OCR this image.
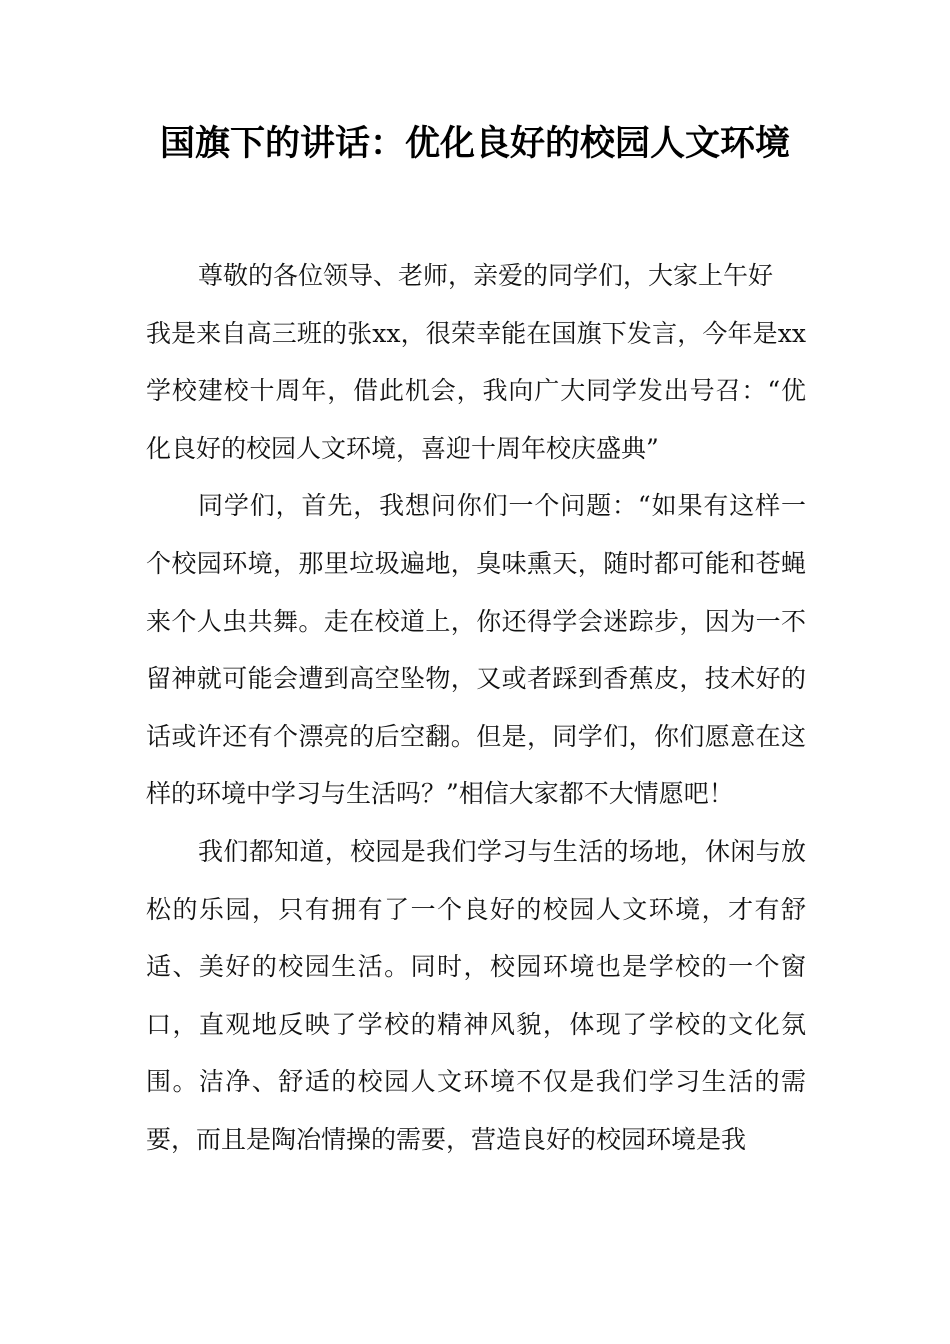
国旗下的讲话：优化良好的校园人文环境

尊敬的各位领导、老师，亲爱的同学们，大家上午好

我是来自高三班的张xx，很荣幸能在国旗下发言，今年是xx学校建校十周年，借此机会，我向广大同学发出号召：“优化良好的校园人文环境，喜迎十周年校庆盛典”

同学们，首先，我想问你们一个问题：“如果有这样一个校园环境，那里垃圾遍地，臭味熏天，随时都可能和苍蝇来个人虫共舞。走在校道上，你还得学会迷踪步，因为一不留神就可能会遭到高空坠物，又或者踩到香蕉皮，技术好的话或许还有个漂亮的后空翻。但是，同学们，你们愿意在这样的环境中学习与生活吗？”相信大家都不大情愿吧！

我们都知道，校园是我们学习与生活的场地，休闲与放松的乐园，只有拥有了一个良好的校园人文环境，才有舒适、美好的校园生活。同时，校园环境也是学校的一个窗口，直观地反映了学校的精神风貌，体现了学校的文化氛围。洁净、舒适的校园人文环境不仅是我们学习生活的需要，而且是陶冶情操的需要，营造良好的校园环境是我
